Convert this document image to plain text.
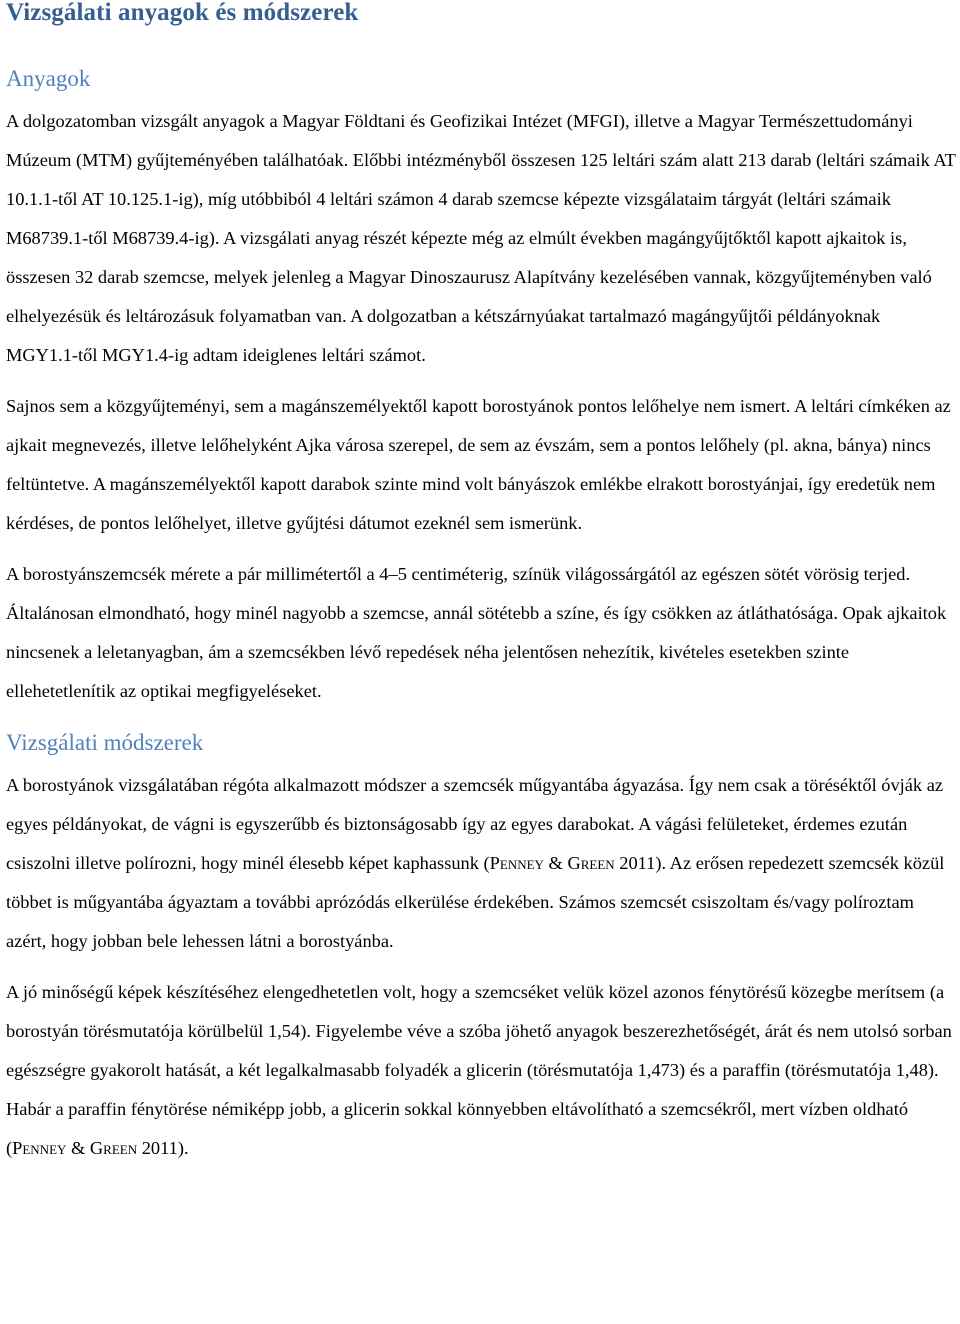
Vizsgálati anyagok és módszerek
Anyagok

A dolgozatomban vizsgált anyagok a Magyar Földtani és Geofizikai Intézet (MFGI), illetve a Magyar Természettudományi Múzeum (MTM) gyűjteményében találhatóak. Előbbi intézményből összesen 125 leltári szám alatt 213 darab (leltári számaik AT 10.1.1-től AT 10.125.1-ig), míg utóbbiból 4 leltári számon 4 darab szemcse képezte vizsgálataim tárgyát (leltári számaik M68739.1-től M68739.4-ig). A vizsgálati anyag részét képezte még az elmúlt években magángyűjtőktől kapott ajkaitok is, összesen 32 darab szemcse, melyek jelenleg a Magyar Dinoszaurusz Alapítvány kezelésében vannak, közgyűjteményben való elhelyezésük és leltározásuk folyamatban van. A dolgozatban a kétszárnyúakat tartalmazó magángyűjtői példányoknak MGY1.1-től MGY1.4-ig adtam ideiglenes leltári számot.

Sajnos sem a közgyűjteményi, sem a magánszemélyektől kapott borostyánok pontos lelőhelye nem ismert. A leltári címkéken az ajkait megnevezés, illetve lelőhelyként Ajka városa szerepel, de sem az évszám, sem a pontos lelőhely (pl. akna, bánya) nincs feltüntetve. A magánszemélyektől kapott darabok szinte mind volt bányászok emlékbe elrakott borostyánjai, így eredetük nem kérdéses, de pontos lelőhelyet, illetve gyűjtési dátumot ezeknél sem ismerünk.

A borostyánszemcsék mérete a pár millimétertől a 4–5 centiméterig, színük világossárgától az egészen sötét vörösig terjed. Általánosan elmondható, hogy minél nagyobb a szemcse, annál sötétebb a színe, és így csökken az átláthatósága. Opak ajkaitok nincsenek a leletanyagban, ám a szemcsékben lévő repedések néha jelentősen nehezítik, kivételes esetekben szinte ellehetetlenítik az optikai megfigyeléseket.

Vizsgálati módszerek

A borostyánok vizsgálatában régóta alkalmazott módszer a szemcsék műgyantába ágyazása. Így nem csak a töréséktől óvják az egyes példányokat, de vágni is egyszerűbb és biztonságosabb így az egyes darabokat. A vágási felületeket, érdemes ezután csiszolni illetve polírozni, hogy minél élesebb képet kaphassunk (Penney & Green 2011). Az erősen repedezett szemcsék közül többet is műgyantába ágyaztam a további aprózódás elkerülése érdekében. Számos szemcsét csiszoltam és/vagy políroztam azért, hogy jobban bele lehessen látni a borostyánba.

A jó minőségű képek készítéséhez elengedhetetlen volt, hogy a szemcséket velük közel azonos fénytörésű közegbe merítsem (a borostyán törésmutatója körülbelül 1,54). Figyelembe véve a szóba jöhető anyagok beszerezhetőségét, árát és nem utolsó sorban egészségre gyakorolt hatását, a két legalkalmasabb folyadék a glicerin (törésmutatója 1,473) és a paraffin (törésmutatója 1,48). Habár a paraffin fénytörése némiképp jobb, a glicerin sokkal könnyebben eltávolítható a szemcsékről, mert vízben oldható (Penney & Green 2011).
